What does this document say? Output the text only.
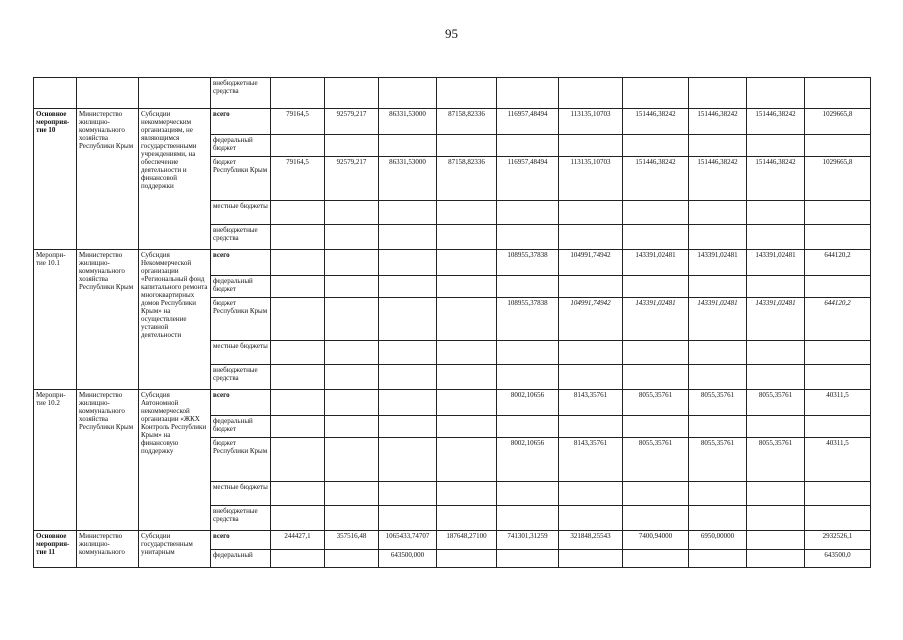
95
			внебюджетные средства										
Основное мероприя-тие 10	Министерство жилищно-коммунального хозяйства Республики Крым	Субсидии некоммерческим организациям, не являющимся государственными учреждениями, на обеспечение деятельности и финансовой поддержки	всего	79164,5	92579,217	86331,53000	87158,82336	116957,48494	113135,10703	151446,38242	151446,38242	151446,38242	1029665,8
			федеральный бюджет										
			бюджет Республики Крым	79164,5	92579,217	86331,53000	87158,82336	116957,48494	113135,10703	151446,38242	151446,38242	151446,38242	1029665,8
			местные бюджеты										
			внебюджетные средства										
Меропри-тие 10.1	Министерство жилищно-коммунального хозяйства Республики Крым	Субсидия Некоммерческой организации «Региональный фонд капитального ремонта многоквартирных домов Республики Крым» на осуществление уставной деятельности	всего					108955,37838	104991,74942	143391,02481	143391,02481	143391,02481	644120,2
			федеральный бюджет										
			бюджет Республики Крым					108955,37838	104991,74942	143391,02481	143391,02481	143391,02481	644120,2
			местные бюджеты										
			внебюджетные средства										
Меропри-тие 10.2	Министерство жилищно-коммунального хозяйства Республики Крым	Субсидия Автономной некоммерческой организации «ЖКХ Контроль Республики Крым» на финансовую поддержку	всего					8002,10656	8143,35761	8055,35761	8055,35761	8055,35761	40311,5
			федеральный бюджет										
			бюджет Республики Крым					8002,10656	8143,35761	8055,35761	8055,35761	8055,35761	40311,5
			местные бюджеты										
			внебюджетные средства										
Основное мероприя-тие 11	Министерство жилищно-коммунального	Субсидии государственным унитарным	всего	244427,1	357516,48	1065433,74707	187648,27100	741301,31259	321848,25543	7400,94000	6950,00000		2932526,1
			федеральный			643500,000							643500,0
